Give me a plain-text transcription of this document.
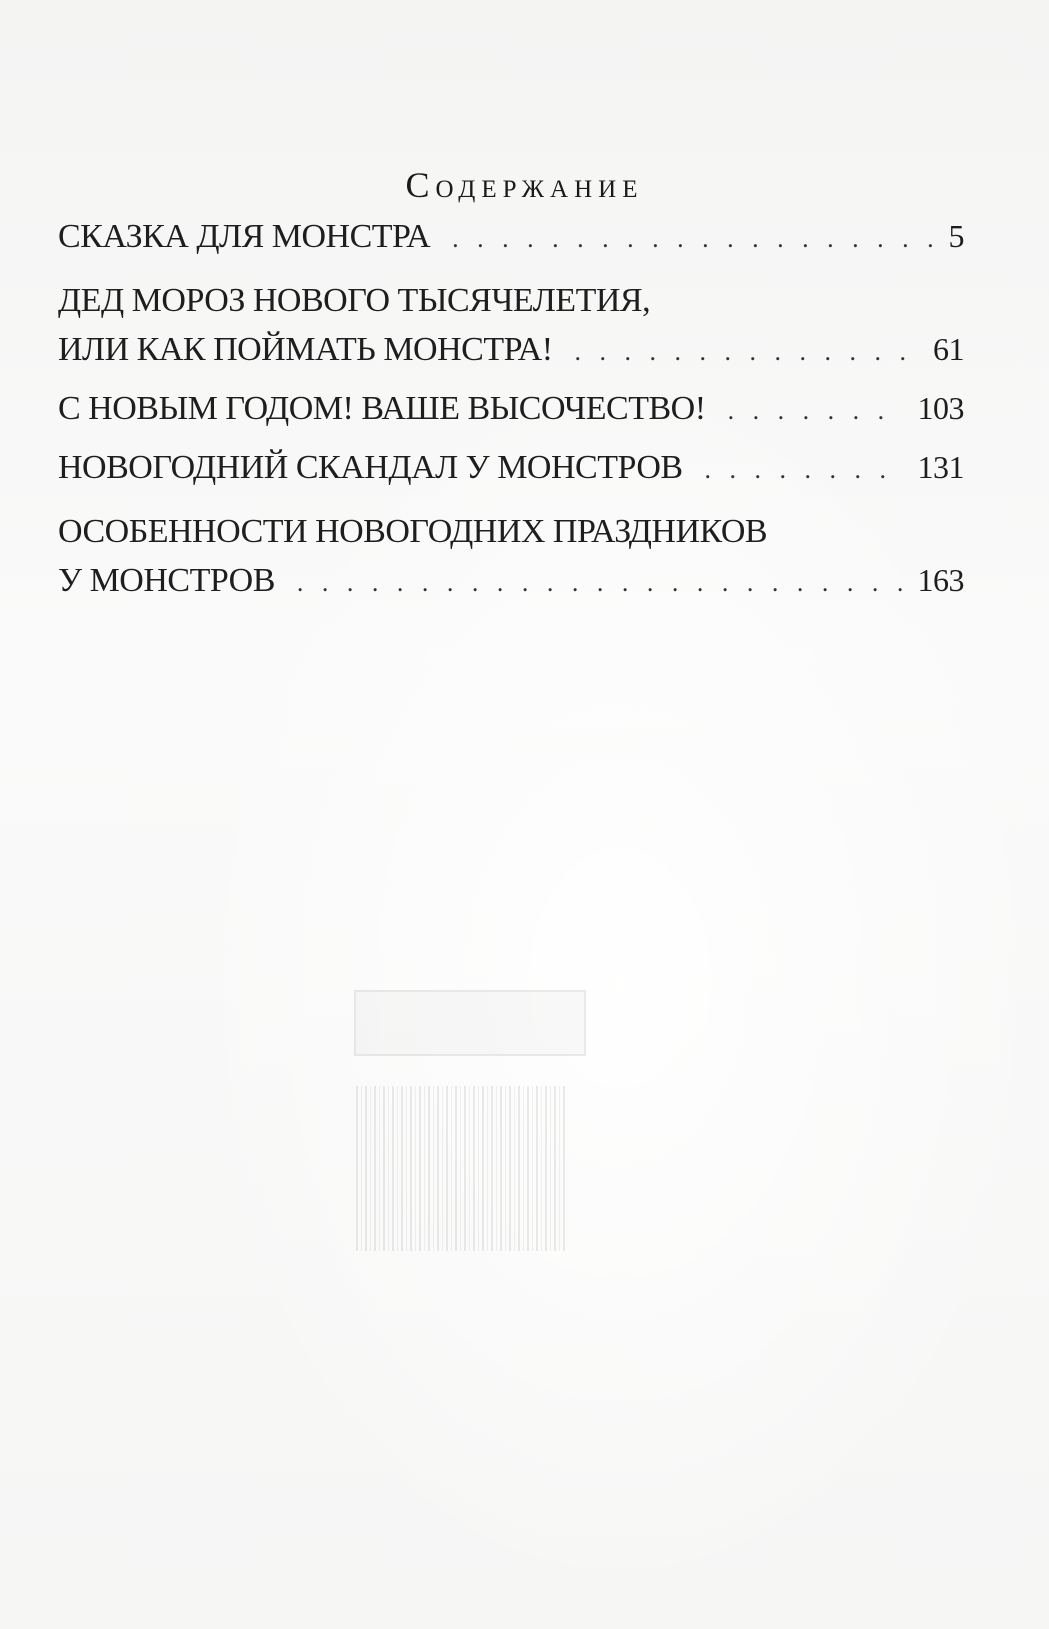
Содержание
СКАЗКА ДЛЯ МОНСТРА . . .	5
ДЕД МОРОЗ НОВОГО ТЫСЯЧЕЛЕТИЯ,
ИЛИ КАК ПОЙМАТЬ МОНСТРА! . . .	61
С НОВЫМ ГОДОМ! ВАШЕ ВЫСОЧЕСТВО! . . .	103
НОВОГОДНИЙ СКАНДАЛ У МОНСТРОВ . . .	131
ОСОБЕННОСТИ НОВОГОДНИХ ПРАЗДНИКОВ
У МОНСТРОВ . . .	163
